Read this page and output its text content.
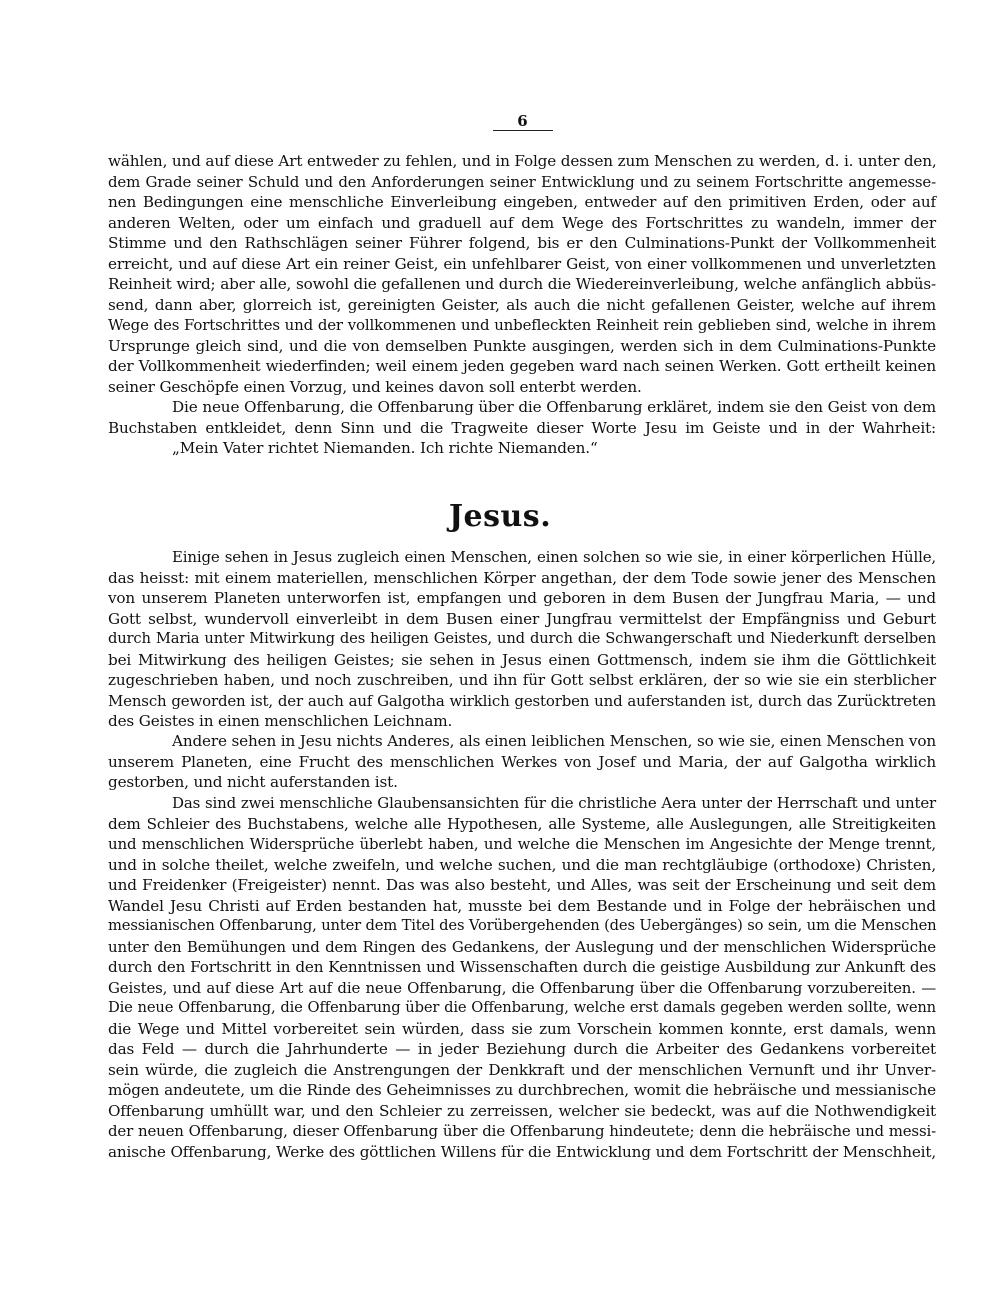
6
wählen, und auf diese Art entweder zu fehlen, und in Folge dessen zum Menschen zu werden, d. i. unter den,
dem Grade seiner Schuld und den Anforderungen seiner Entwicklung und zu seinem Fortschritte angemesse-
nen Bedingungen eine menschliche Einverleibung eingeben, entweder auf den primitiven Erden, oder auf
anderen Welten, oder um einfach und graduell auf dem Wege des Fortschrittes zu wandeln, immer der
Stimme und den Rathschlägen seiner Führer folgend, bis er den Culminations-Punkt der Vollkommenheit
erreicht, und auf diese Art ein reiner Geist, ein unfehlbarer Geist, von einer vollkommenen und unverletzten
Reinheit wird; aber alle, sowohl die gefallenen und durch die Wiedereinverleibung, welche anfänglich abbüs-
send, dann aber, glorreich ist, gereinigten Geister, als auch die nicht gefallenen Geister, welche auf ihrem
Wege des Fortschrittes und der vollkommenen und unbefleckten Reinheit rein geblieben sind, welche in ihrem
Ursprunge gleich sind, und die von demselben Punkte ausgingen, werden sich in dem Culminations-Punkte
der Vollkommenheit wiederfinden; weil einem jeden gegeben ward nach seinen Werken. Gott ertheilt keinen
seiner Geschöpfe einen Vorzug, und keines davon soll enterbt werden.
Die neue Offenbarung, die Offenbarung über die Offenbarung erkläret, indem sie den Geist von dem
Buchstaben entkleidet, denn Sinn und die Tragweite dieser Worte Jesu im Geiste und in der Wahrheit:
„Mein Vater richtet Niemanden. Ich richte Niemanden.“
Jesus.
Einige sehen in Jesus zugleich einen Menschen, einen solchen so wie sie, in einer körperlichen Hülle,
das heisst: mit einem materiellen, menschlichen Körper angethan, der dem Tode sowie jener des Menschen
von unserem Planeten unterworfen ist, empfangen und geboren in dem Busen der Jungfrau Maria, — und
Gott selbst, wundervoll einverleibt in dem Busen einer Jungfrau vermittelst der Empfängniss und Geburt
durch Maria unter Mitwirkung des heiligen Geistes, und durch die Schwangerschaft und Niederkunft derselben
bei Mitwirkung des heiligen Geistes; sie sehen in Jesus einen Gottmensch, indem sie ihm die Göttlichkeit
zugeschrieben haben, und noch zuschreiben, und ihn für Gott selbst erklären, der so wie sie ein sterblicher
Mensch geworden ist, der auch auf Galgotha wirklich gestorben und auferstanden ist, durch das Zurücktreten
des Geistes in einen menschlichen Leichnam.
Andere sehen in Jesu nichts Anderes, als einen leiblichen Menschen, so wie sie, einen Menschen von
unserem Planeten, eine Frucht des menschlichen Werkes von Josef und Maria, der auf Galgotha wirklich
gestorben, und nicht auferstanden ist.
Das sind zwei menschliche Glaubensansichten für die christliche Aera unter der Herrschaft und unter
dem Schleier des Buchstabens, welche alle Hypothesen, alle Systeme, alle Auslegungen, alle Streitigkeiten
und menschlichen Widersprüche überlebt haben, und welche die Menschen im Angesichte der Menge trennt,
und in solche theilet, welche zweifeln, und welche suchen, und die man rechtgläubige (orthodoxe) Christen,
und Freidenker (Freigeister) nennt. Das was also besteht, und Alles, was seit der Erscheinung und seit dem
Wandel Jesu Christi auf Erden bestanden hat, musste bei dem Bestande und in Folge der hebräischen und
messianischen Offenbarung, unter dem Titel des Vorübergehenden (des Uebergänges) so sein, um die Menschen
unter den Bemühungen und dem Ringen des Gedankens, der Auslegung und der menschlichen Widersprüche
durch den Fortschritt in den Kenntnissen und Wissenschaften durch die geistige Ausbildung zur Ankunft des
Geistes, und auf diese Art auf die neue Offenbarung, die Offenbarung über die Offenbarung vorzubereiten. —
Die neue Offenbarung, die Offenbarung über die Offenbarung, welche erst damals gegeben werden sollte, wenn
die Wege und Mittel vorbereitet sein würden, dass sie zum Vorschein kommen konnte, erst damals, wenn
das Feld — durch die Jahrhunderte — in jeder Beziehung durch die Arbeiter des Gedankens vorbereitet
sein würde, die zugleich die Anstrengungen der Denkkraft und der menschlichen Vernunft und ihr Unver-
mögen andeutete, um die Rinde des Geheimnisses zu durchbrechen, womit die hebräische und messianische
Offenbarung umhüllt war, und den Schleier zu zerreissen, welcher sie bedeckt, was auf die Nothwendigkeit
der neuen Offenbarung, dieser Offenbarung über die Offenbarung hindeutete; denn die hebräische und messi-
anische Offenbarung, Werke des göttlichen Willens für die Entwicklung und dem Fortschritt der Menschheit,
